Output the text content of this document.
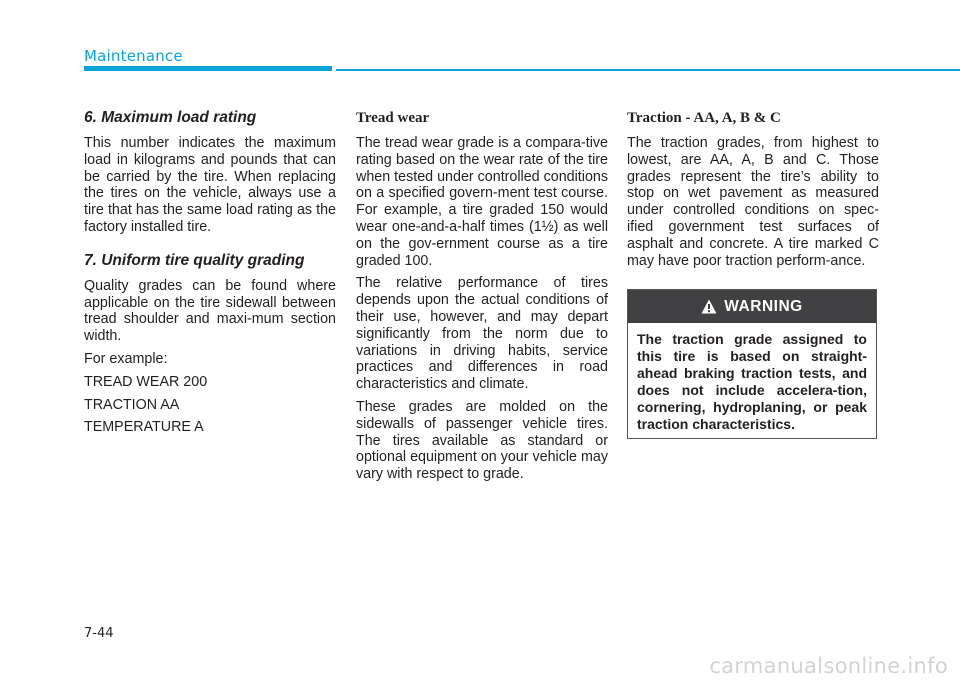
Maintenance
6. Maximum load rating

This number indicates the maximum load in kilograms and pounds that can be carried by the tire. When replacing the tires on the vehicle, always use a tire that has the same load rating as the factory installed tire.

7. Uniform tire quality grading

Quality grades can be found where applicable on the tire sidewall between tread shoulder and maxi-mum section width.

For example:

TREAD WEAR 200

TRACTION AA

TEMPERATURE A

Tread wear

The tread wear grade is a compara-tive rating based on the wear rate of the tire when tested under controlled conditions on a specified govern-ment test course. For example, a tire graded 150 would wear one-and-a-half times (1½) as well on the gov-ernment course as a tire graded 100.

The relative performance of tires depends upon the actual conditions of their use, however, and may depart significantly from the norm due to variations in driving habits, service practices and differences in road characteristics and climate.

These grades are molded on the sidewalls of passenger vehicle tires. The tires available as standard or optional equipment on your vehicle may vary with respect to grade.

Traction - AA, A, B & C

The traction grades, from highest to lowest, are AA, A, B and C. Those grades represent the tire’s ability to stop on wet pavement as measured under controlled conditions on spec-ified government test surfaces of asphalt and concrete. A tire marked C may have poor traction perform-ance.

WARNING
The traction grade assigned to this tire is based on straight-ahead braking traction tests, and does not include accelera-tion, cornering, hydroplaning, or peak traction characteristics.
7-44
carmanualsonline.info
